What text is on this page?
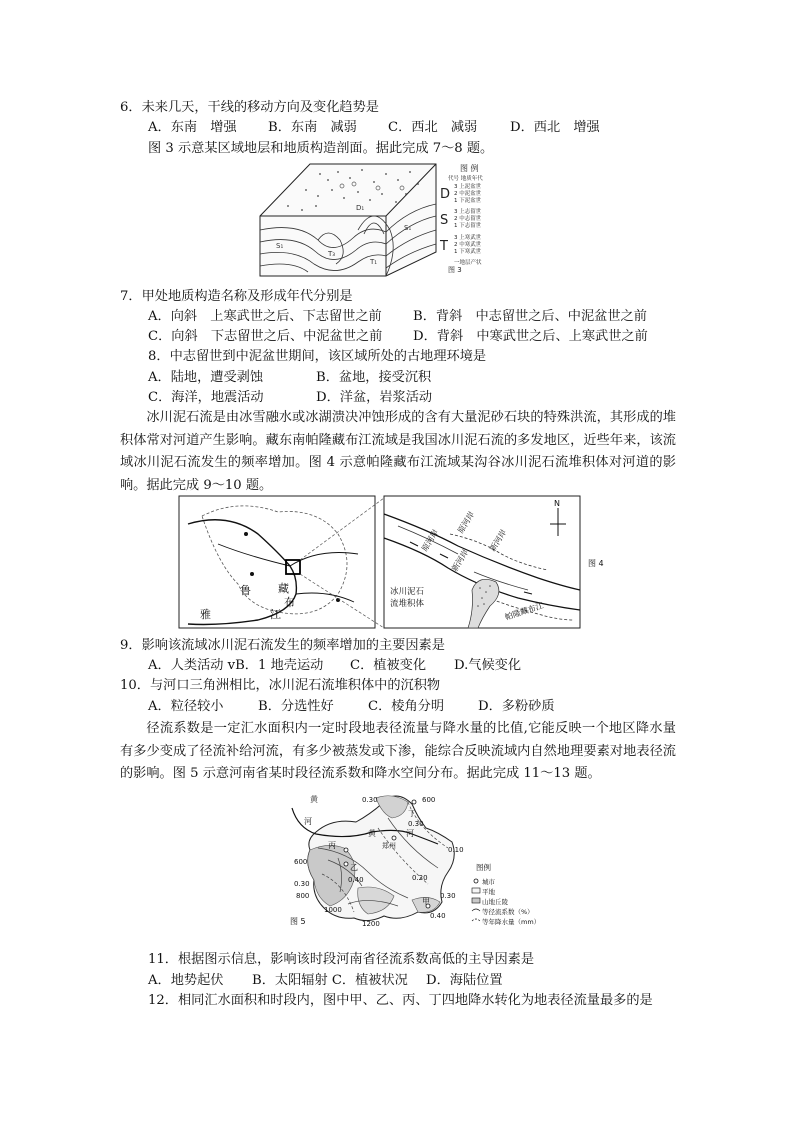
6．未来几天，干线的移动方向及变化趋势是
A．东南　增强 B．东南　减弱 C．西北　减弱 D．西北　增强
图 3 示意某区域地层和地质构造剖面。据此完成 7～8 题。
S₁
T₃
T₁
S₁
D₁
图 例
代号 地质年代
D 3 上泥盆世
2 中泥盆世
1 下泥盆世
S
3 上志留世
2 中志留世
1 下志留世
T
3 上寒武世
2 中寒武世
1 下寒武世
一地层产状
图 3
7．甲处地质构造名称及形成年代分别是
A．向斜　上寒武世之后、下志留世之前 B．背斜　中志留世之后、中泥盆世之前
C．向斜　下志留世之后、中泥盆世之前 D．背斜　中寒武世之后、上寒武世之前
8．中志留世到中泥盆世期间，该区域所处的古地理环境是
A．陆地，遭受剥蚀	B．盆地，接受沉积
C．海洋，地震活动	D．洋盆，岩浆活动

冰川泥石流是由冰雪融水或冰湖溃决冲蚀形成的含有大量泥砂石块的特殊洪流，其形成的堆积体常对河道产生影响。藏东南帕隆藏布江流域是我国冰川泥石流的多发地区，近些年来，该流域冰川泥石流发生的频率增加。图 4 示意帕隆藏布江流域某沟谷冰川泥石流堆积体对河道的影响。据此完成 9～10 题。

雅
鲁 藏
布
江
N
原河岸
原河岸	新河岸
新河岸
冰川泥石
流堆积体	帕隆藏布江
图 4
9．影响该流域冰川泥石流发生的频率增加的主要因素是
A．人类活动 vB．1 地壳运动 C．植被变化 D.气候变化
10．与河口三角洲相比，冰川泥石流堆积体中的沉积物
A．粒径较小	B．分选性好	C．棱角分明	D．多粉砂质

径流系数是一定汇水面积内一定时段地表径流量与降水量的比值,它能反映一个地区降水量有多少变成了径流补给河流，有多少被蒸发或下渗，能综合反映流域内自然地理要素对地表径流的影响。图 5 示意河南省某时段径流系数和降水空间分布。据此完成 11～13 题。

黄
河
0.30	600
丁
0.30
黄	河
郑州	0.10
丙
600
乙
0.40
0.30
800
1000
0.20
0.30
甲
0.40
1200
图 5
图例
城市
平地
山地丘陵
等径流系数（%）
等年降水量（mm）
11．根据图示信息，影响该时段河南省径流系数高低的主导因素是
A．地势起伏 B．太阳辐射 C．植被状况 D．海陆位置
12．相同汇水面积和时段内，图中甲、乙、丙、丁四地降水转化为地表径流量最多的是
